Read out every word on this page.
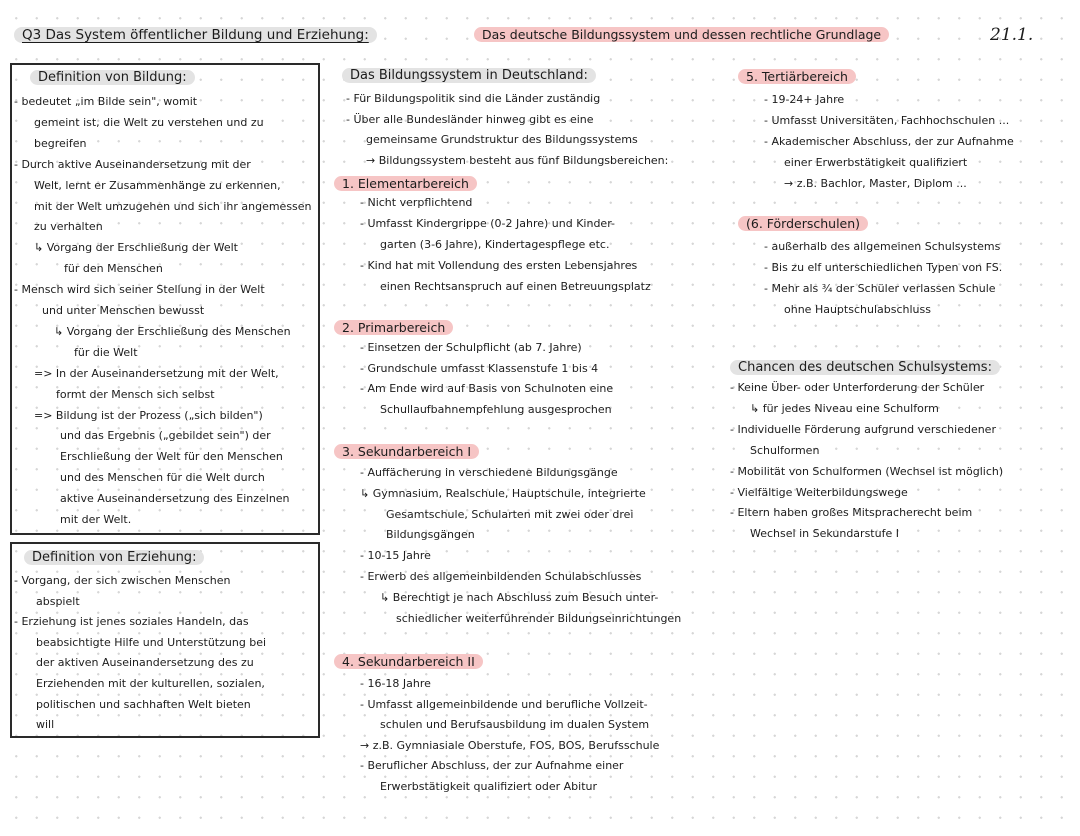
Q3 Das System öffentlicher Bildung und Erziehung:	Das deutsche Bildungssystem und dessen rechtliche Grundlage	21.1.
Definition von Bildung:
- bedeutet „im Bilde sein", womit
gemeint ist, die Welt zu verstehen und zu
begreifen
- Durch aktive Auseinandersetzung mit der
Welt, lernt er Zusammenhänge zu erkennen,
mit der Welt umzugehen und sich ihr angemessen
zu verhalten
↳ Vorgang der Erschließung der Welt
für den Menschen
- Mensch wird sich seiner Stellung in der Welt
und unter Menschen bewusst
↳ Vorgang der Erschließung des Menschen
für die Welt
=> In der Auseinandersetzung mit der Welt,
formt der Mensch sich selbst
=> Bildung ist der Prozess („sich bilden")
und das Ergebnis („gebildet sein") der
Erschließung der Welt für den Menschen
und des Menschen für die Welt durch
aktive Auseinandersetzung des Einzelnen
mit der Welt.
Definition von Erziehung:
- Vorgang, der sich zwischen Menschen
abspielt
- Erziehung ist jenes soziales Handeln, das
beabsichtigte Hilfe und Unterstützung bei
der aktiven Auseinandersetzung des zu
Erziehenden mit der kulturellen, sozialen,
politischen und sachhaften Welt bieten
will
Das Bildungssystem in Deutschland:
- Für Bildungspolitik sind die Länder zuständig
- Über alle Bundesländer hinweg gibt es eine
gemeinsame Grundstruktur des Bildungssystems
→ Bildungssystem besteht aus fünf Bildungsbereichen:
1. Elementarbereich
- Nicht verpflichtend
- Umfasst Kindergrippe (0-2 Jahre) und Kinder-
garten (3-6 Jahre), Kindertagespflege etc.
- Kind hat mit Vollendung des ersten Lebensjahres
einen Rechtsanspruch auf einen Betreuungsplatz
2. Primarbereich
- Einsetzen der Schulpflicht (ab 7. Jahre)
- Grundschule umfasst Klassenstufe 1 bis 4
- Am Ende wird auf Basis von Schulnoten eine
Schullaufbahnempfehlung ausgesprochen
3. Sekundarbereich I
- Auffächerung in verschiedene Bildungsgänge
↳ Gymnasium, Realschule, Hauptschule, integrierte
Gesamtschule, Schularten mit zwei oder drei
Bildungsgängen
- 10-15 Jahre
- Erwerb des allgemeinbildenden Schulabschlusses
↳ Berechtigt je nach Abschluss zum Besuch unter-
schiedlicher weiterführender Bildungseinrichtungen
4. Sekundarbereich II
- 16-18 Jahre
- Umfasst allgemeinbildende und berufliche Vollzeit-
schulen und Berufsausbildung im dualen System
→ z.B. Gymniasiale Oberstufe, FOS, BOS, Berufsschule
- Beruflicher Abschluss, der zur Aufnahme einer
Erwerbstätigkeit qualifiziert oder Abitur
5. Tertiärbereich
- 19-24+ Jahre
- Umfasst Universitäten, Fachhochschulen ...
- Akademischer Abschluss, der zur Aufnahme
einer Erwerbstätigkeit qualifiziert
→ z.B. Bachlor, Master, Diplom ...
(6. Förderschulen)
- außerhalb des allgemeinen Schulsystems
- Bis zu elf unterschiedlichen Typen von FS.
- Mehr als ¾ der Schüler verlassen Schule
ohne Hauptschulabschluss
Chancen des deutschen Schulsystems:
- Keine Über- oder Unterforderung der Schüler
↳ für jedes Niveau eine Schulform
- Individuelle Förderung aufgrund verschiedener
Schulformen
- Mobilität von Schulformen (Wechsel ist möglich)
- Vielfältige Weiterbildungswege
- Eltern haben großes Mitspracherecht beim
Wechsel in Sekundarstufe I
